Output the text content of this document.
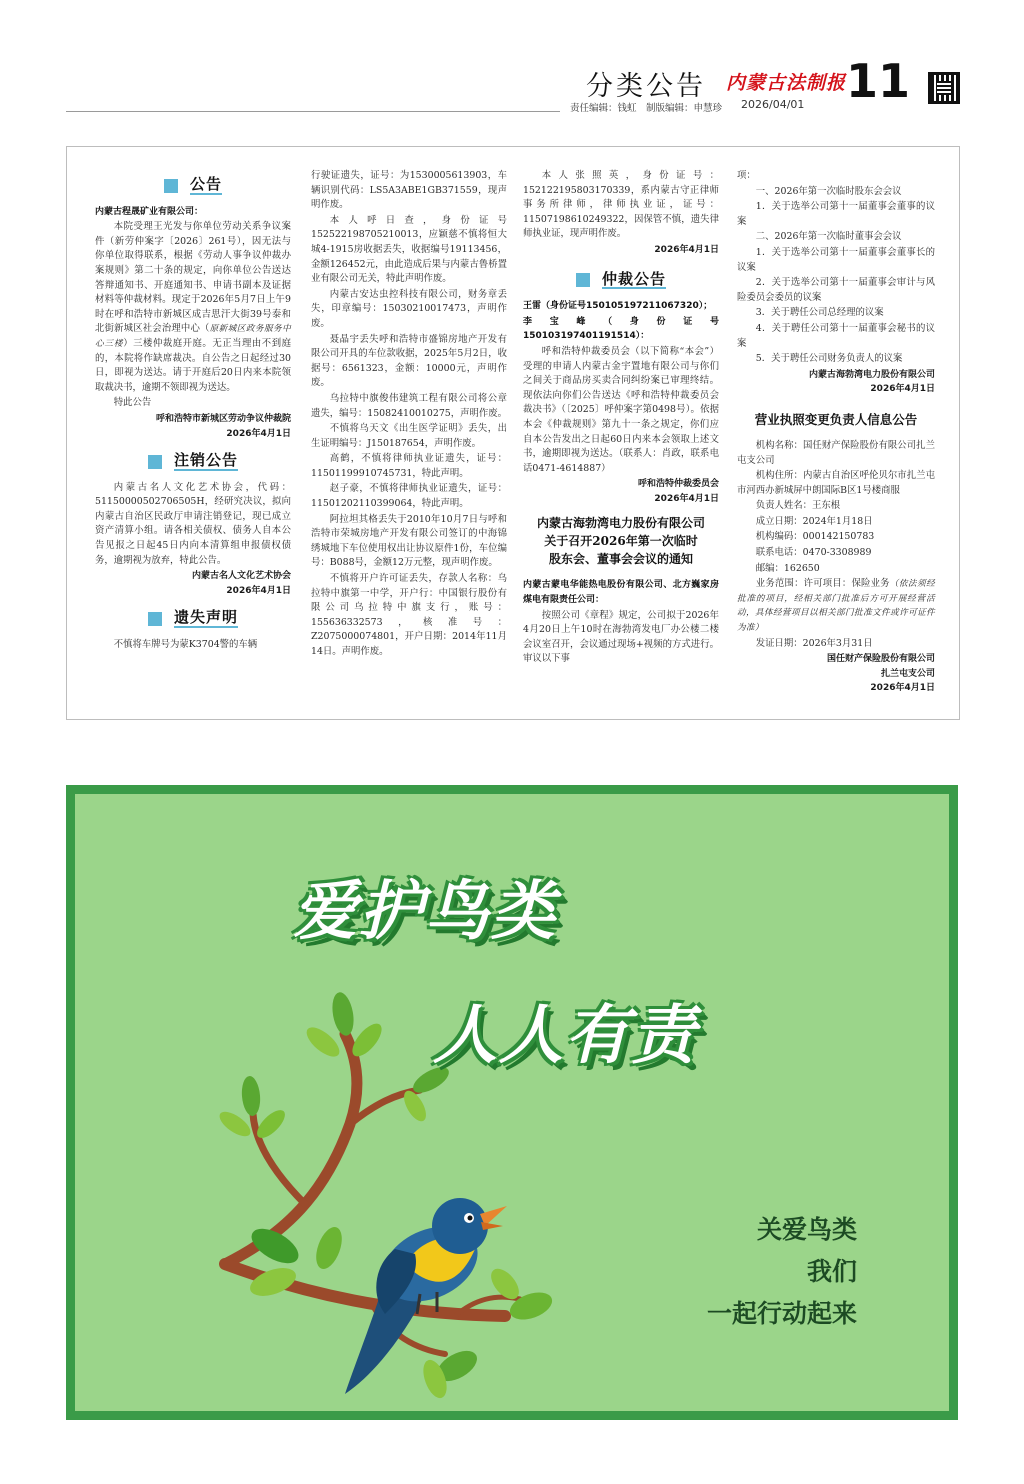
分类公告 内蒙古法制报 11
责任编辑：钱虹　制版编辑：申慧珍 2026/04/01
公告

内蒙古程晟矿业有限公司：

本院受理王光发与你单位劳动关系争议案件（新劳仲案字〔2026〕261号），因无法与你单位取得联系，根据《劳动人事争议仲裁办案规则》第二十条的规定，向你单位公告送达答辩通知书、开庭通知书、申请书副本及证据材料等仲裁材料。现定于2026年5月7日上午9时在呼和浩特市新城区成吉思汗大街39号泰和北街新城区社会治理中心（原新城区政务服务中心三楼）三楼仲裁庭开庭。无正当理由不到庭的，本院将作缺席裁决。自公告之日起经过30日，即视为送达。请于开庭后20日内来本院领取裁决书，逾期不领即视为送达。

特此公告

呼和浩特市新城区劳动争议仲裁院
2026年4月1日
注销公告

内蒙古名人文化艺术协会，代码：51150000502706505H，经研究决议，拟向内蒙古自治区民政厅申请注销登记，现已成立资产清算小组。请各相关债权、债务人自本公告见报之日起45日内向本清算组申报债权债务，逾期视为放弃，特此公告。

内蒙古名人文化艺术协会
2026年4月1日
遗失声明

不慎将车牌号为蒙K3704警的车辆

行驶证遗失，证号：为1530005613903，车辆识别代码：LS5A3ABE1GB371559，现声明作废。

本人呼日查，身份证号152522198705210013，应颖慈不慎将恒大城4-1915房收据丢失，收据编号19113456，金额126452元，由此造成后果与内蒙古鲁桥置业有限公司无关，特此声明作废。

内蒙古安达虫控科技有限公司，财务章丢失，印章编号：15030210017473，声明作废。

聂晶宇丢失呼和浩特市盛锦房地产开发有限公司开具的车位款收据，2025年5月2日，收据号：6561323，金额：10000元，声明作废。

乌拉特中旗俊伟建筑工程有限公司将公章遗失，编号：15082410010275，声明作废。

不慎将乌天文《出生医学证明》丢失，出生证明编号：J150187654，声明作废。

高鹤，不慎将律师执业证遗失，证号：11501199910745731，特此声明。

赵子豪，不慎将律师执业证遗失，证号：11501202110399064，特此声明。

阿拉坦其格丢失于2010年10月7日与呼和浩特市荣城房地产开发有限公司签订的中海锦绣城地下车位使用权出让协议原件1份，车位编号：B088号，金额12万元整，现声明作废。

不慎将开户许可证丢失，存款人名称：乌拉特中旗第一中学，开户行：中国银行股份有限公司乌拉特中旗支行，账号：155636332573，核准号：Z2075000074801，开户日期：2014年11月14日。声明作废。

本人张照英，身份证号：152122195803170339，系内蒙古守正律师事务所律师，律师执业证，证号：11507198610249322，因保管不慎，遗失律师执业证，现声明作废。

2026年4月1日
仲裁公告

王雷（身份证号150105197211067320）；

李宝峰（身份证号150103197401191514）：

呼和浩特仲裁委员会（以下简称“本会”）受理的申请人内蒙古金宇置地有限公司与你们之间关于商品房买卖合同纠纷案已审理终结。现依法向你们公告送达《呼和浩特仲裁委员会裁决书》（〔2025〕呼仲案字第0498号）。依据本会《仲裁规则》第九十一条之规定，你们应自本公告发出之日起60日内来本会领取上述文书，逾期即视为送达。（联系人：肖政，联系电话0471-4614887）

呼和浩特仲裁委员会
2026年4月1日
内蒙古海勃湾电力股份有限公司
关于召开2026年第一次临时
股东会、董事会会议的通知

内蒙古蒙电华能热电股份有限公司、北方巍家房煤电有限责任公司：

按照公司《章程》规定，公司拟于2026年4月20日上午10时在海勃湾发电厂办公楼二楼会议室召开，会议通过现场+视频的方式进行。审议以下事

项：

一、2026年第一次临时股东会会议

1．关于选举公司第十一届董事会董事的议案

二、2026年第一次临时董事会会议

1．关于选举公司第十一届董事会董事长的议案

2．关于选举公司第十一届董事会审计与风险委员会委员的议案

3．关于聘任公司总经理的议案

4．关于聘任公司第十一届董事会秘书的议案

5．关于聘任公司财务负责人的议案

内蒙古海勃湾电力股份有限公司
2026年4月1日
营业执照变更负责人信息公告

机构名称：国任财产保险股份有限公司扎兰屯支公司

机构住所：内蒙古自治区呼伦贝尔市扎兰屯市河西办新城屏中朗国际B区1号楼商服

负责人姓名：王东根

成立日期：2024年1月18日

机构编码：000142150783

联系电话：0470-3308989

邮编：162650

业务范围：许可项目：保险业务（依法须经批准的项目，经相关部门批准后方可开展经营活动，具体经营项目以相关部门批准文件或许可证件为准）

发证日期：2026年3月31日

国任财产保险股份有限公司
扎兰屯支公司
2026年4月1日
爱护鸟类
人人有责
关爱鸟类
我们
一起行动起来
